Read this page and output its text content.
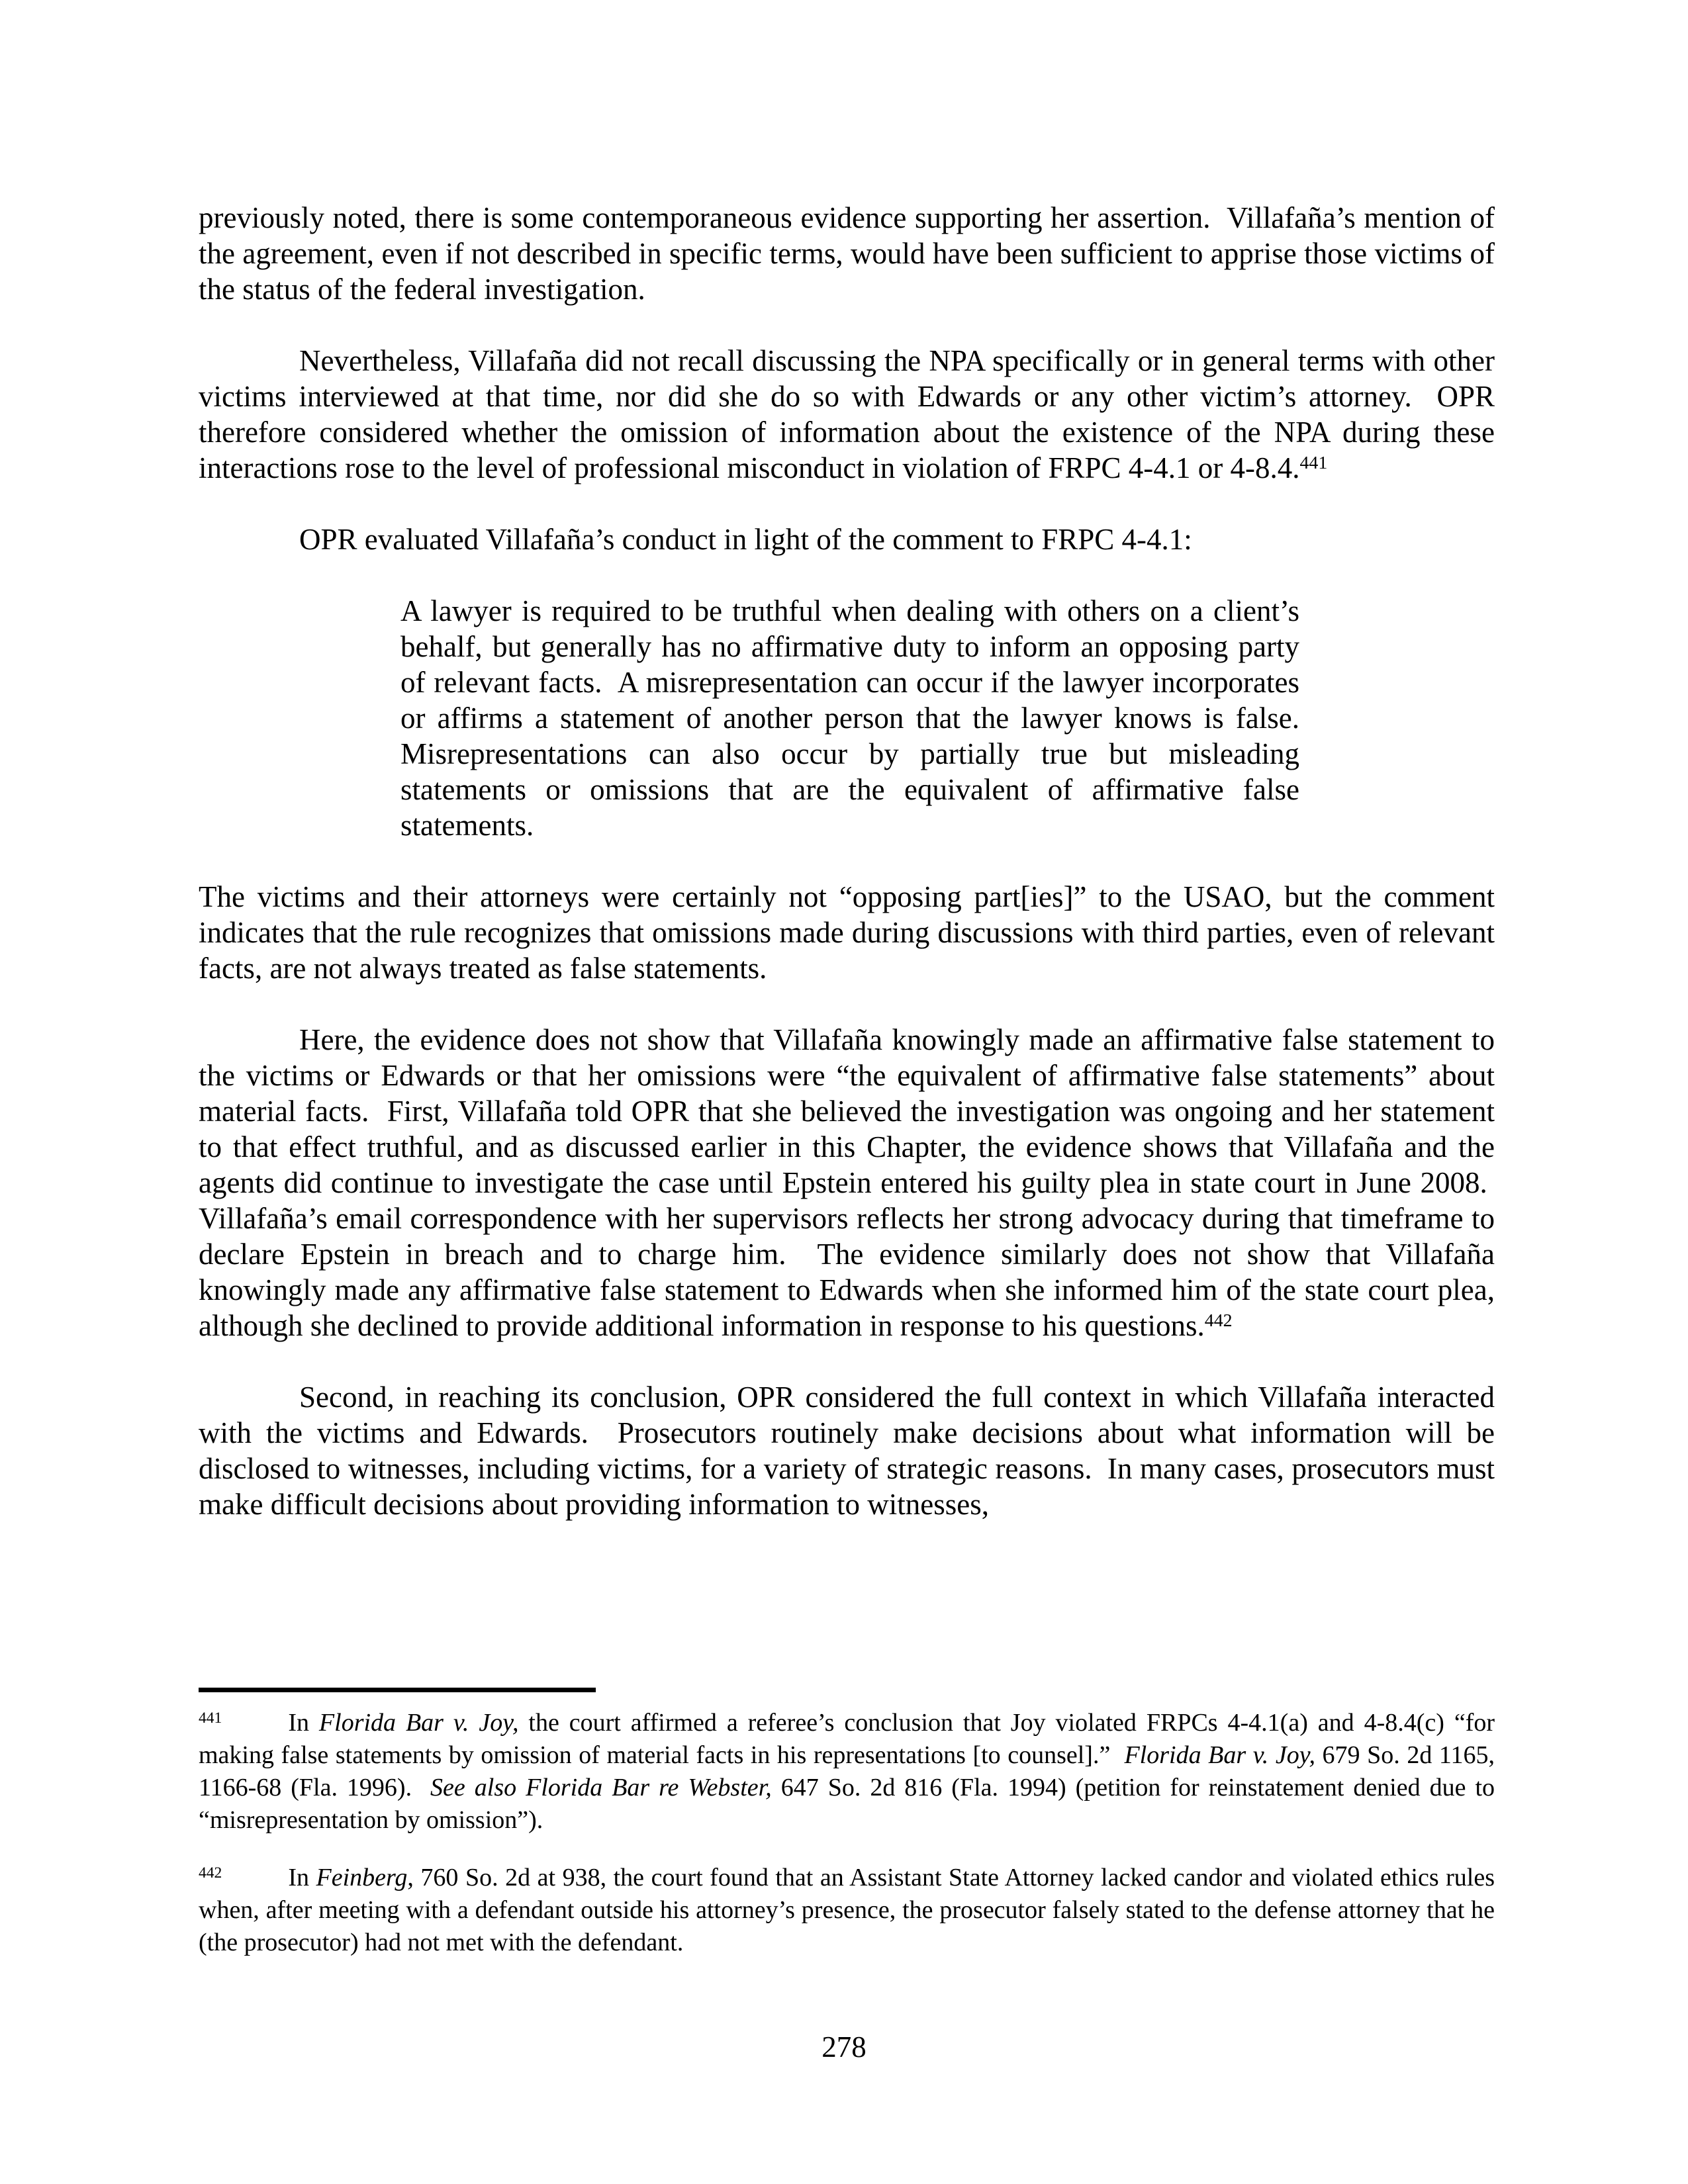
previously noted, there is some contemporaneous evidence supporting her assertion.  Villafaña’s mention of the agreement, even if not described in specific terms, would have been sufficient to apprise those victims of the status of the federal investigation.

Nevertheless, Villafaña did not recall discussing the NPA specifically or in general terms with other victims interviewed at that time, nor did she do so with Edwards or any other victim’s attorney.  OPR therefore considered whether the omission of information about the existence of the NPA during these interactions rose to the level of professional misconduct in violation of FRPC 4-4.1 or 4-8.4.$^{441}$

OPR evaluated Villafaña’s conduct in light of the comment to FRPC 4-4.1:

A lawyer is required to be truthful when dealing with others on a client’s behalf, but generally has no affirmative duty to inform an opposing party of relevant facts.  A misrepresentation can occur if the lawyer incorporates or affirms a statement of another person that the lawyer knows is false. Misrepresentations can also occur by partially true but misleading statements or omissions that are the equivalent of affirmative false statements.

The victims and their attorneys were certainly not “opposing part[ies]” to the USAO, but the comment indicates that the rule recognizes that omissions made during discussions with third parties, even of relevant facts, are not always treated as false statements.

Here, the evidence does not show that Villafaña knowingly made an affirmative false statement to the victims or Edwards or that her omissions were “the equivalent of affirmative false statements” about material facts.  First, Villafaña told OPR that she believed the investigation was ongoing and her statement to that effect truthful, and as discussed earlier in this Chapter, the evidence shows that Villafaña and the agents did continue to investigate the case until Epstein entered his guilty plea in state court in June 2008.  Villafaña’s email correspondence with her supervisors reflects her strong advocacy during that timeframe to declare Epstein in breach and to charge him.  The evidence similarly does not show that Villafaña knowingly made any affirmative false statement to Edwards when she informed him of the state court plea, although she declined to provide additional information in response to his questions.$^{442}$

Second, in reaching its conclusion, OPR considered the full context in which Villafaña interacted with the victims and Edwards.  Prosecutors routinely make decisions about what information will be disclosed to witnesses, including victims, for a variety of strategic reasons.  In many cases, prosecutors must make difficult decisions about providing information to witnesses,

$^{441}$	In Florida Bar v. Joy, the court affirmed a referee’s conclusion that Joy violated FRPCs 4-4.1(a) and 4-8.4(c) “for making false statements by omission of material facts in his representations [to counsel].”  Florida Bar v. Joy, 679 So. 2d 1165, 1166-68 (Fla. 1996).  See also Florida Bar re Webster, 647 So. 2d 816 (Fla. 1994) (petition for reinstatement denied due to “misrepresentation by omission”).
$^{442}$	In Feinberg, 760 So. 2d at 938, the court found that an Assistant State Attorney lacked candor and violated ethics rules when, after meeting with a defendant outside his attorney’s presence, the prosecutor falsely stated to the defense attorney that he (the prosecutor) had not met with the defendant.
278
